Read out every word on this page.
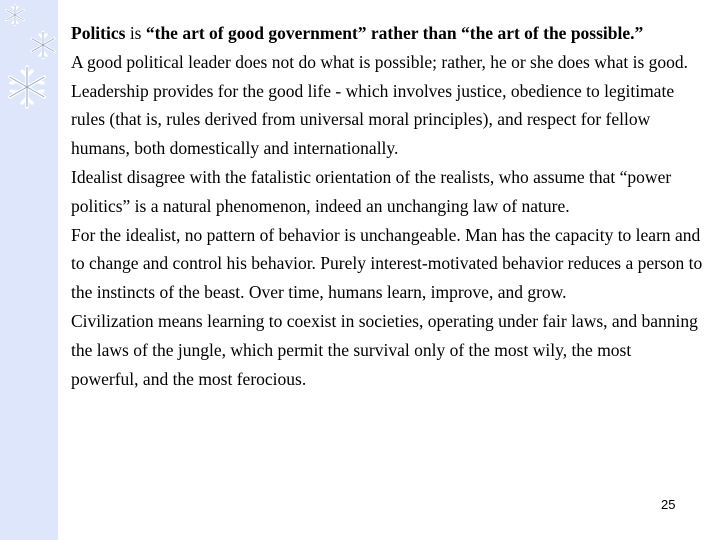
Politics is “the art of good government” rather than “the art of the possible.”

A good political leader does not do what is possible; rather, he or she does what is good. Leadership provides for the good life - which involves justice, obedience to legitimate rules (that is, rules derived from universal moral principles), and respect for fellow humans, both domestically and internationally.

Idealist disagree with the fatalistic orientation of the realists, who assume that “power politics” is a natural phenomenon, indeed an unchanging law of nature.

For the idealist, no pattern of behavior is unchangeable. Man has the capacity to learn and to change and control his behavior. Purely interest-motivated behavior reduces a person to the instincts of the beast. Over time, humans learn, improve, and grow.

Civilization means learning to coexist in societies, operating under fair laws, and banning the laws of the jungle, which permit the survival only of the most wily, the most powerful, and the most ferocious.

25
